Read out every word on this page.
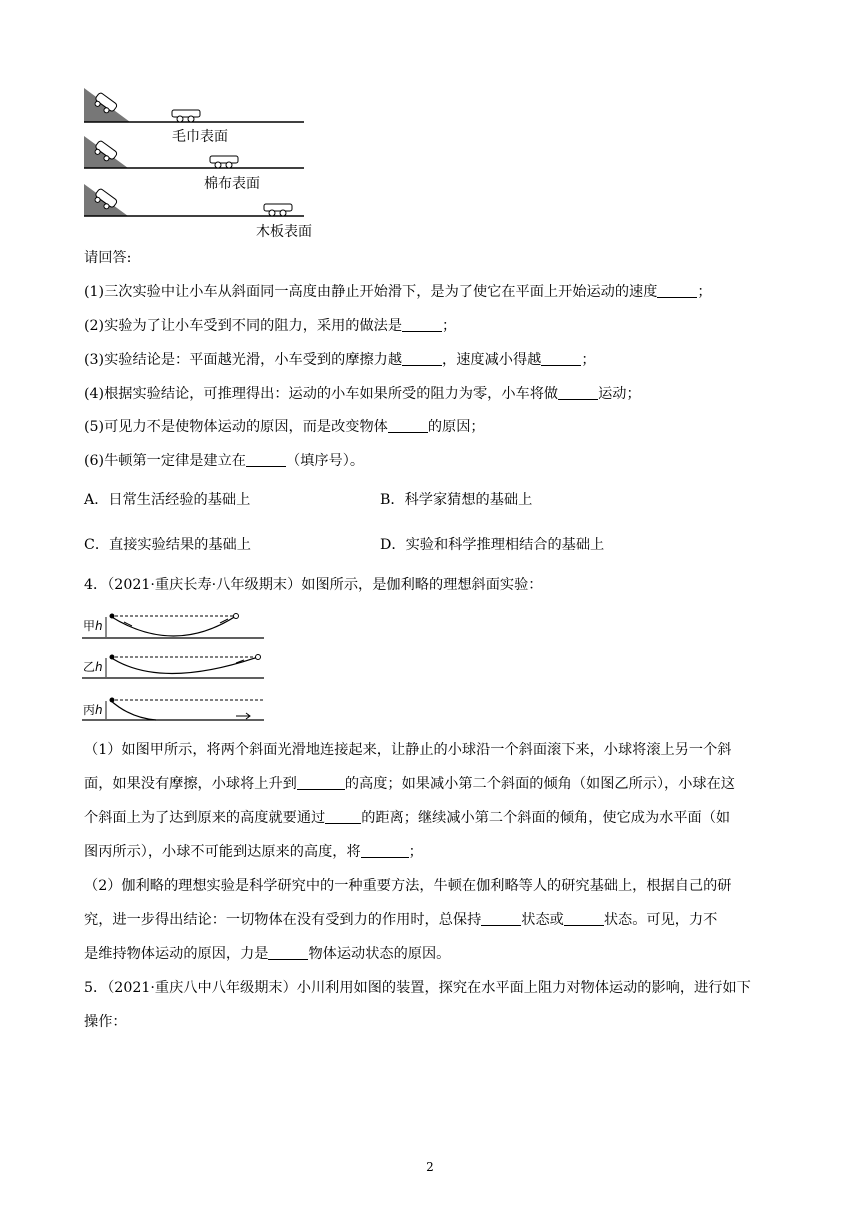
毛巾表面
棉布表面
木板表面
请回答:
(1)三次实验中让小车从斜面同一高度由静止开始滑下，是为了使它在平面上开始运动的速度	；
(2)实验为了让小车受到不同的阻力，采用的做法是	；
(3)实验结论是：平面越光滑，小车受到的摩擦力越	，速度减小得越	；
(4)根据实验结论，可推理得出：运动的小车如果所受的阻力为零，小车将做	运动；
(5)可见力不是使物体运动的原因，而是改变物体	的原因；
(6)牛顿第一定律是建立在	（填序号）。
A．日常生活经验的基础上	B．科学家猜想的基础上
C．直接实验结果的基础上	D．实验和科学推理相结合的基础上
4．（2021·重庆长寿·八年级期末）如图所示，是伽利略的理想斜面实验：
甲h
乙h
丙h
（1）如图甲所示，将两个斜面光滑地连接起来，让静止的小球沿一个斜面滚下来，小球将滚上另一个斜
面，如果没有摩擦，小球将上升到	的高度；如果减小第二个斜面的倾角（如图乙所示），小球在这
个斜面上为了达到原来的高度就要通过	的距离；继续减小第二个斜面的倾角，使它成为水平面（如
图丙所示），小球不可能到达原来的高度，将	；
（2）伽利略的理想实验是科学研究中的一种重要方法，牛顿在伽利略等人的研究基础上，根据自己的研
究，进一步得出结论：一切物体在没有受到力的作用时，总保持	状态或	状态。可见，力不
是维持物体运动的原因，力是	物体运动状态的原因。
5．（2021·重庆八中八年级期末）小川利用如图的装置，探究在水平面上阻力对物体运动的影响，进行如下
操作：
2
